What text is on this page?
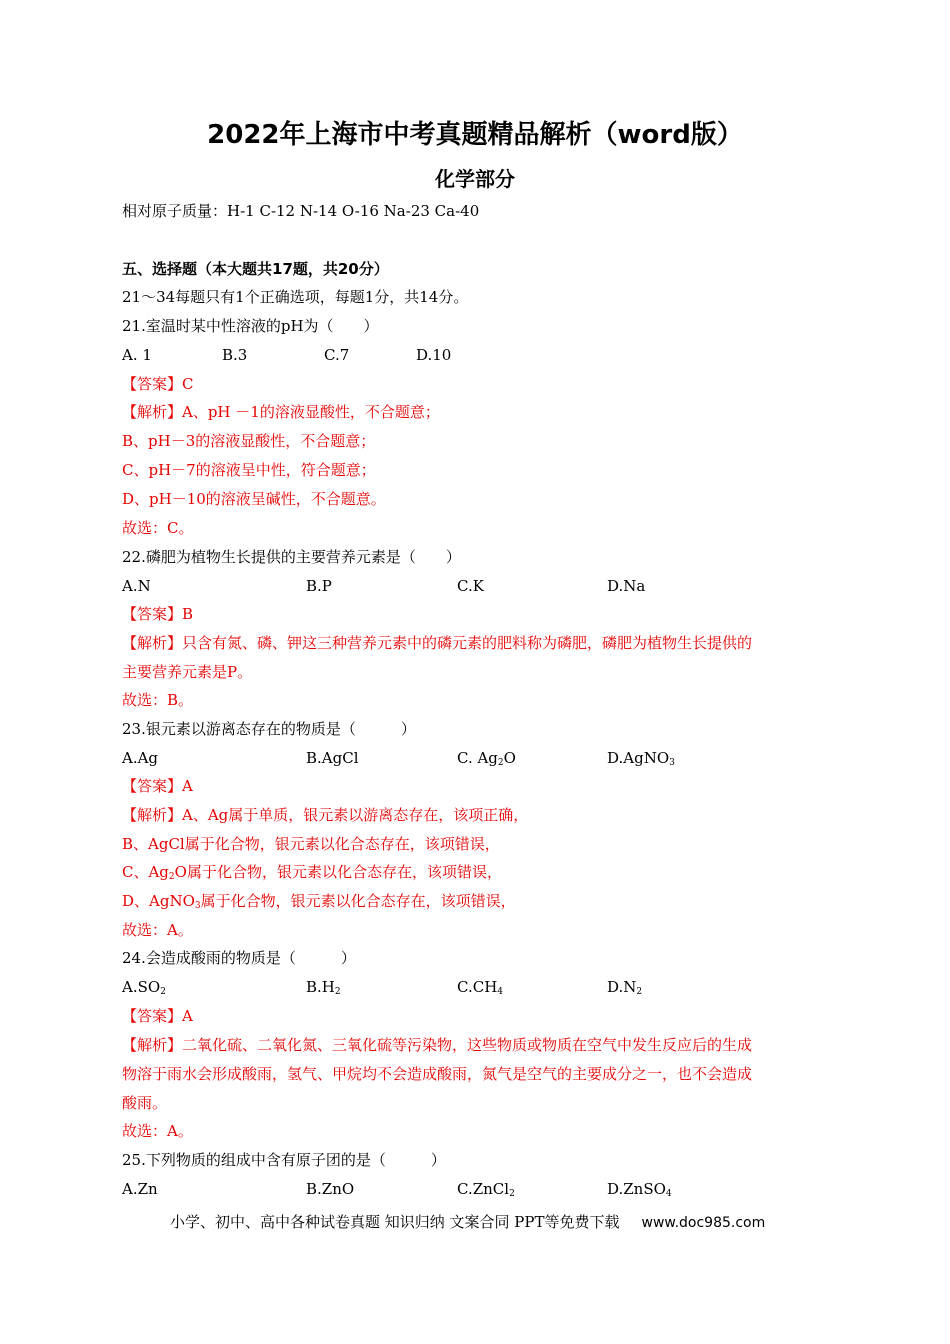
2022年上海市中考真题精品解析（word版）
化学部分
相对原子质量：H-1 C-12 N-14 O-16 Na-23 Ca-40
五、选择题（本大题共17题，共20分）
21～34每题只有1个正确选项，每题1分，共14分。
21.室温时某中性溶液的pH为（　　）
A. 1	B.3	C.7	D.10
【答案】C
【解析】A、pH －1的溶液显酸性，不合题意；
B、pH－3的溶液显酸性，不合题意；
C、pH－7的溶液呈中性，符合题意；
D、pH－10的溶液呈碱性，不合题意。
故选：C。
22.磷肥为植物生长提供的主要营养元素是（　　）
A.N	B.P	C.K	D.Na
【答案】B
【解析】只含有氮、磷、钾这三种营养元素中的磷元素的肥料称为磷肥，磷肥为植物生长提供的
主要营养元素是P。
故选：B。
23.银元素以游离态存在的物质是（　　　）
A.Ag	B.AgCl	C. $Ag_2O$	D.AgNO$_3$
【答案】A
【解析】A、Ag属于单质，银元素以游离态存在，该项正确，
B、AgCl属于化合物，银元素以化合态存在，该项错误，
C、$Ag_2O$属于化合物，银元素以化合态存在，该项错误，
D、AgNO$_3$属于化合物，银元素以化合态存在，该项错误，
故选：A。
24.会造成酸雨的物质是（　　　）
$A.SO_2$	$B.H_2$	$C.CH_4$	$D.N_2$
【答案】A
【解析】二氧化硫、二氧化氮、三氧化硫等污染物，这些物质或物质在空气中发生反应后的生成
物溶于雨水会形成酸雨，氢气、甲烷均不会造成酸雨，氮气是空气的主要成分之一，也不会造成
酸雨。
故选：A。
25.下列物质的组成中含有原子团的是（　　　）
A.Zn	B.ZnO	C.ZnCl$_2$	D.ZnSO$_4$
小学、初中、高中各种试卷真题 知识归纳 文案合同 PPT等免费下载 www.doc985.com
